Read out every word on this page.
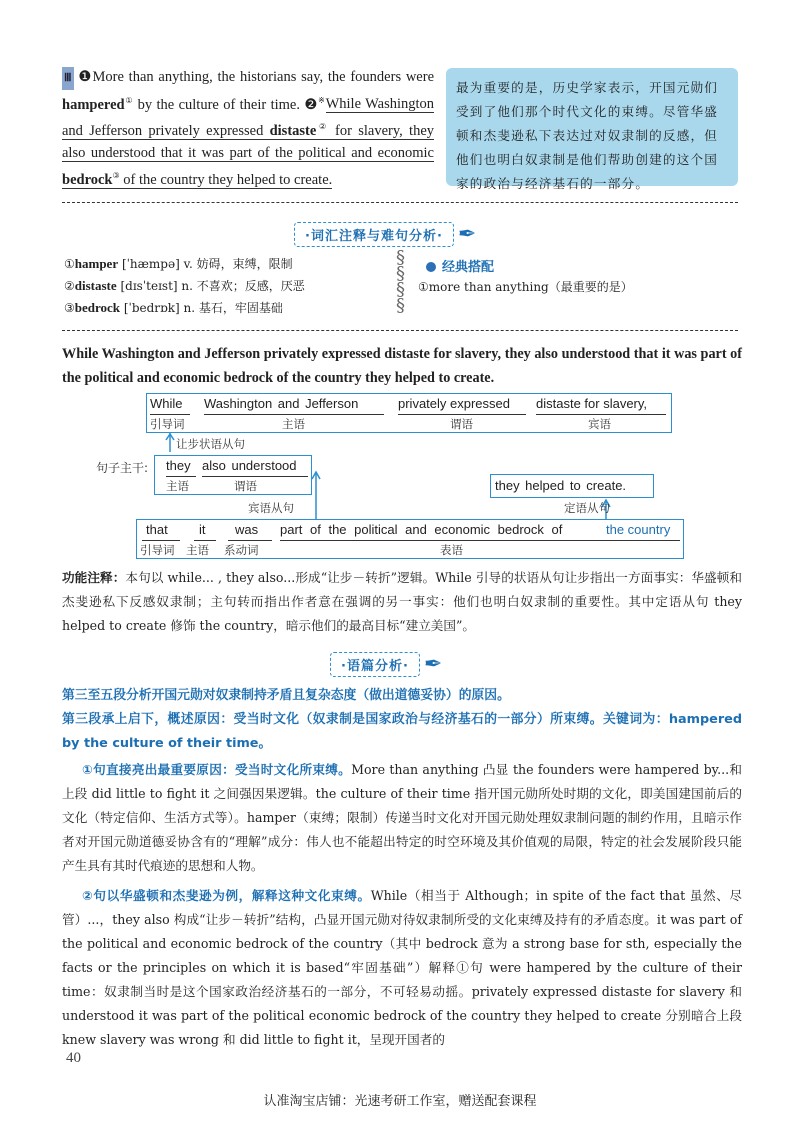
Ⅲ ❶More than anything, the historians say, the founders were hampered① by the culture of their time. ❷※While Washington and Jefferson privately expressed distaste② for slavery, they also understood that it was part of the political and economic bedrock③ of the country they helped to create.
最为重要的是，历史学家表示，开国元勋们受到了他们那个时代文化的束缚。尽管华盛顿和杰斐逊私下表达过对奴隶制的反感，但他们也明白奴隶制是他们帮助创建的这个国家的政治与经济基石的一部分。
·词汇注释与难句分析· ✒
①hamper [ˈhæmpə] v. 妨碍，束缚，限制
②distaste [dɪsˈteɪst] n. 不喜欢；反感，厌恶
③bedrock [ˈbedrɒk] n. 基石，牢固基础
§
§
§
§
经典搭配
①more than anything（最重要的是）
While Washington and Jefferson privately expressed distaste for slavery, they also understood that it was part of the political and economic bedrock of the country they helped to create.
While Washington and Jefferson	privately expressed distaste for slavery,
引导词	主语	谓语	宾语
让步状语从句
句子主干: they also understood
主语	谓语	they helped to create.
定语从句
宾语从句
that it was part of the political and economic bedrock of	the country
引导词 主语 系动词	表语
功能注释：本句以 while... , they also...形成“让步－转折”逻辑。While 引导的状语从句让步指出一方面事实：华盛顿和杰斐逊私下反感奴隶制；主句转而指出作者意在强调的另一事实：他们也明白奴隶制的重要性。其中定语从句 they helped to create 修饰 the country，暗示他们的最高目标“建立美国”。
·语篇分析· ✒
第三至五段分析开国元勋对奴隶制持矛盾且复杂态度（做出道德妥协）的原因。
第三段承上启下，概述原因：受当时文化（奴隶制是国家政治与经济基石的一部分）所束缚。关键词为：hampered by the culture of their time。
①句直接亮出最重要原因：受当时文化所束缚。More than anything 凸显 the founders were hampered by...和上段 did little to fight it 之间强因果逻辑。the culture of their time 指开国元勋所处时期的文化，即美国建国前后的文化（特定信仰、生活方式等）。hamper（束缚；限制）传递当时文化对开国元勋处理奴隶制问题的制约作用，且暗示作者对开国元勋道德妥协含有的“理解”成分：伟人也不能超出特定的时空环境及其价值观的局限，特定的社会发展阶段只能产生具有其时代痕迹的思想和人物。
②句以华盛顿和杰斐逊为例，解释这种文化束缚。While（相当于 Although；in spite of the fact that 虽然、尽管）...，they also 构成“让步－转折”结构，凸显开国元勋对待奴隶制所受的文化束缚及持有的矛盾态度。it was part of the political and economic bedrock of the country（其中 bedrock 意为 a strong base for sth, especially the facts or the principles on which it is based“牢固基础”）解释①句 were hampered by the culture of their time：奴隶制当时是这个国家政治经济基石的一部分，不可轻易动摇。privately expressed distaste for slavery 和 understood it was part of the political economic bedrock of the country they helped to create 分别暗合上段 knew slavery was wrong 和 did little to fight it，呈现开国者的
40
认准淘宝店铺：光速考研工作室，赠送配套课程
